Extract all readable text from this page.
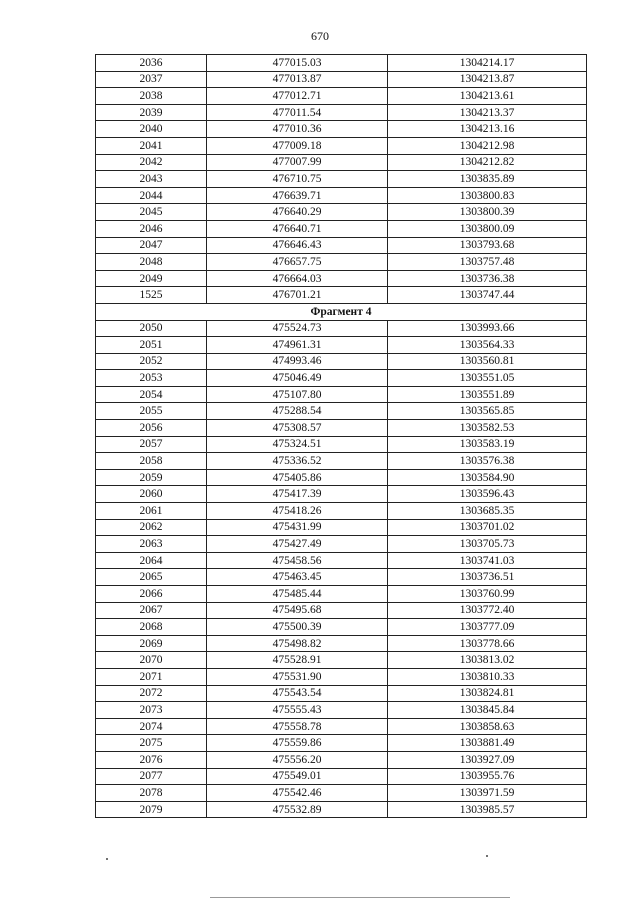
670
2036	477015.03	1304214.17
2037	477013.87	1304213.87
2038	477012.71	1304213.61
2039	477011.54	1304213.37
2040	477010.36	1304213.16
2041	477009.18	1304212.98
2042	477007.99	1304212.82
2043	476710.75	1303835.89
2044	476639.71	1303800.83
2045	476640.29	1303800.39
2046	476640.71	1303800.09
2047	476646.43	1303793.68
2048	476657.75	1303757.48
2049	476664.03	1303736.38
1525	476701.21	1303747.44
Фрагмент 4		
2050	475524.73	1303993.66
2051	474961.31	1303564.33
2052	474993.46	1303560.81
2053	475046.49	1303551.05
2054	475107.80	1303551.89
2055	475288.54	1303565.85
2056	475308.57	1303582.53
2057	475324.51	1303583.19
2058	475336.52	1303576.38
2059	475405.86	1303584.90
2060	475417.39	1303596.43
2061	475418.26	1303685.35
2062	475431.99	1303701.02
2063	475427.49	1303705.73
2064	475458.56	1303741.03
2065	475463.45	1303736.51
2066	475485.44	1303760.99
2067	475495.68	1303772.40
2068	475500.39	1303777.09
2069	475498.82	1303778.66
2070	475528.91	1303813.02
2071	475531.90	1303810.33
2072	475543.54	1303824.81
2073	475555.43	1303845.84
2074	475558.78	1303858.63
2075	475559.86	1303881.49
2076	475556.20	1303927.09
2077	475549.01	1303955.76
2078	475542.46	1303971.59
2079	475532.89	1303985.57
